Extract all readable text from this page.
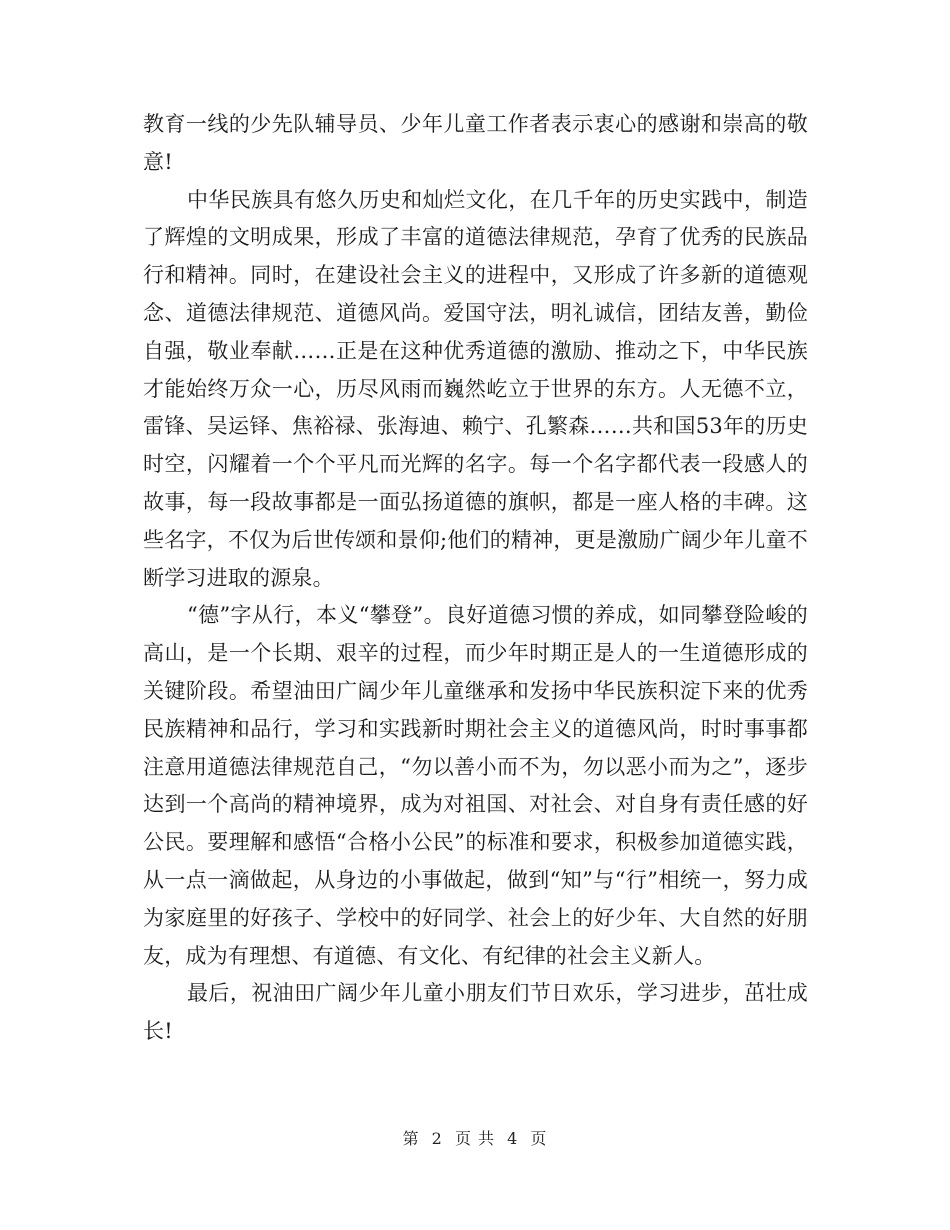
教育一线的少先队辅导员、少年儿童工作者表示衷心的感谢和崇高的敬意!

中华民族具有悠久历史和灿烂文化，在几千年的历史实践中，制造了辉煌的文明成果，形成了丰富的道德法律规范，孕育了优秀的民族品行和精神。同时，在建设社会主义的进程中，又形成了许多新的道德观念、道德法律规范、道德风尚。爱国守法，明礼诚信，团结友善，勤俭自强，敬业奉献……正是在这种优秀道德的激励、推动之下，中华民族才能始终万众一心，历尽风雨而巍然屹立于世界的东方。人无德不立，雷锋、吴运铎、焦裕禄、张海迪、赖宁、孔繁森……共和国53年的历史时空，闪耀着一个个平凡而光辉的名字。每一个名字都代表一段感人的故事，每一段故事都是一面弘扬道德的旗帜，都是一座人格的丰碑。这些名字，不仅为后世传颂和景仰;他们的精神，更是激励广阔少年儿童不断学习进取的源泉。

“德”字从行，本义“攀登”。良好道德习惯的养成，如同攀登险峻的高山，是一个长期、艰辛的过程，而少年时期正是人的一生道德形成的关键阶段。希望油田广阔少年儿童继承和发扬中华民族积淀下来的优秀民族精神和品行，学习和实践新时期社会主义的道德风尚，时时事事都注意用道德法律规范自己，“勿以善小而不为，勿以恶小而为之”，逐步达到一个高尚的精神境界，成为对祖国、对社会、对自身有责任感的好公民。要理解和感悟“合格小公民”的标准和要求，积极参加道德实践，从一点一滴做起，从身边的小事做起，做到“知”与“行”相统一，努力成为家庭里的好孩子、学校中的好同学、社会上的好少年、大自然的好朋友，成为有理想、有道德、有文化、有纪律的社会主义新人。

最后，祝油田广阔少年儿童小朋友们节日欢乐，学习进步，茁壮成长!

第 2 页 共 4 页
